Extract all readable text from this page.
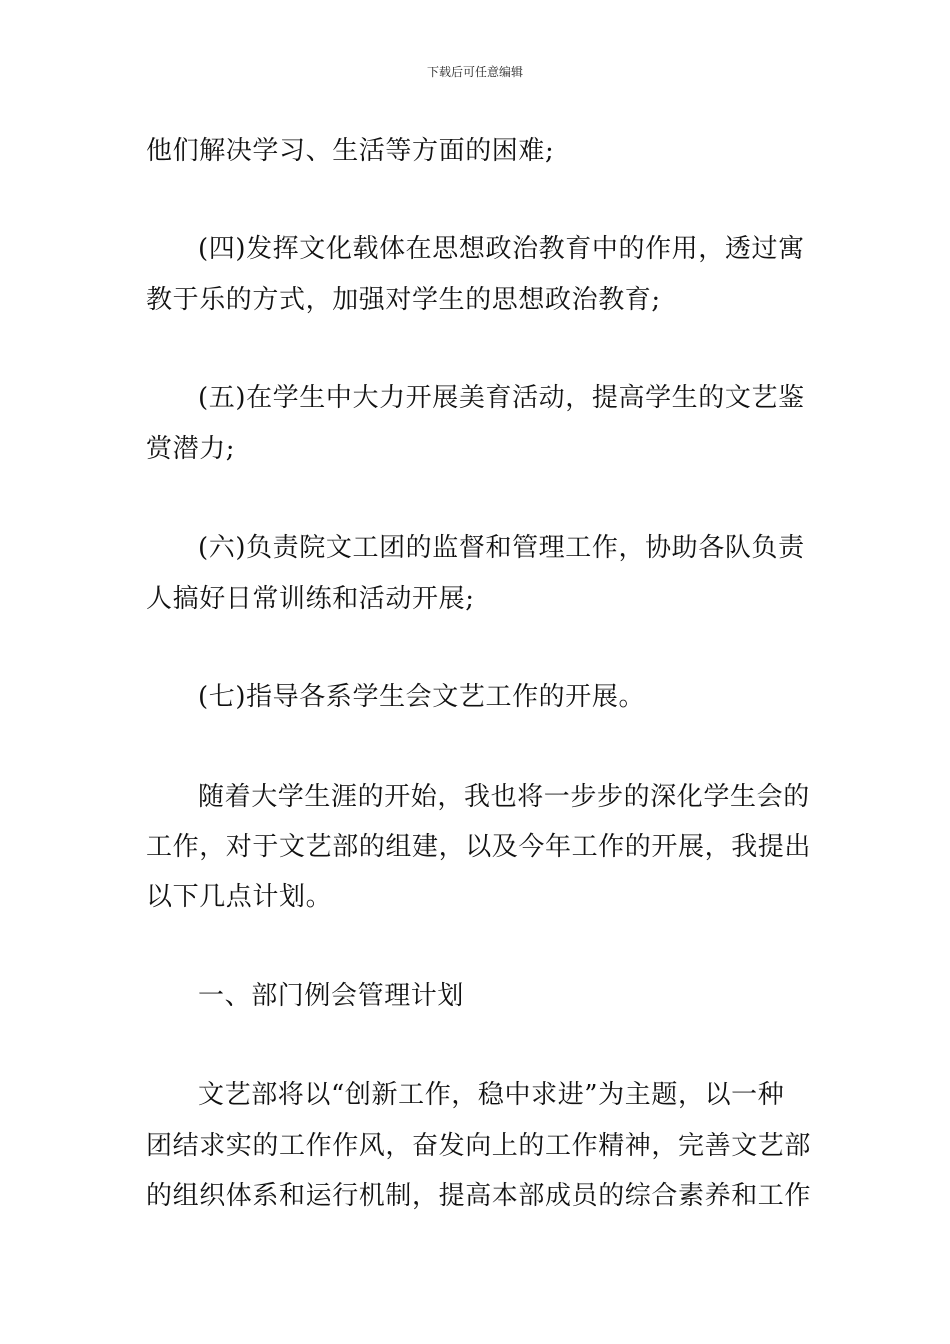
下载后可任意编辑
他们解决学习、生活等方面的困难;
(四)发挥文化载体在思想政治教育中的作用，透过寓
教于乐的方式，加强对学生的思想政治教育;
(五)在学生中大力开展美育活动，提高学生的文艺鉴
赏潜力;
(六)负责院文工团的监督和管理工作，协助各队负责
人搞好日常训练和活动开展;
(七)指导各系学生会文艺工作的开展。
随着大学生涯的开始，我也将一步步的深化学生会的
工作，对于文艺部的组建，以及今年工作的开展，我提出
以下几点计划。
一、部门例会管理计划
文艺部将以“创新工作，稳中求进”为主题，以一种
团结求实的工作作风，奋发向上的工作精神，完善文艺部
的组织体系和运行机制，提高本部成员的综合素养和工作
